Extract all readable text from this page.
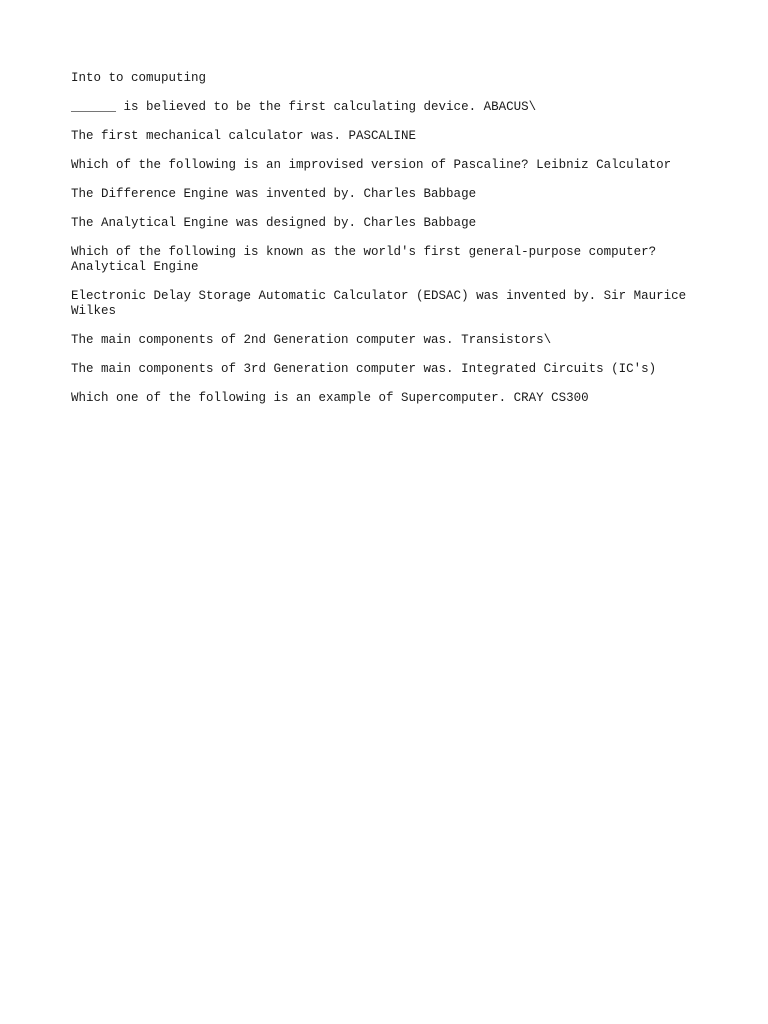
Into to comuputing

______ is believed to be the first calculating device. ABACUS\

The first mechanical calculator was. PASCALINE

Which of the following is an improvised version of Pascaline? Leibniz Calculator

The Difference Engine was invented by. Charles Babbage

The Analytical Engine was designed by. Charles Babbage

Which of the following is known as the world's first general-purpose computer? Analytical Engine

Electronic Delay Storage Automatic Calculator (EDSAC) was invented by. Sir Maurice Wilkes

The main components of 2nd Generation computer was. Transistors\

The main components of 3rd Generation computer was. Integrated Circuits (IC's)

Which one of the following is an example of Supercomputer. CRAY CS300
